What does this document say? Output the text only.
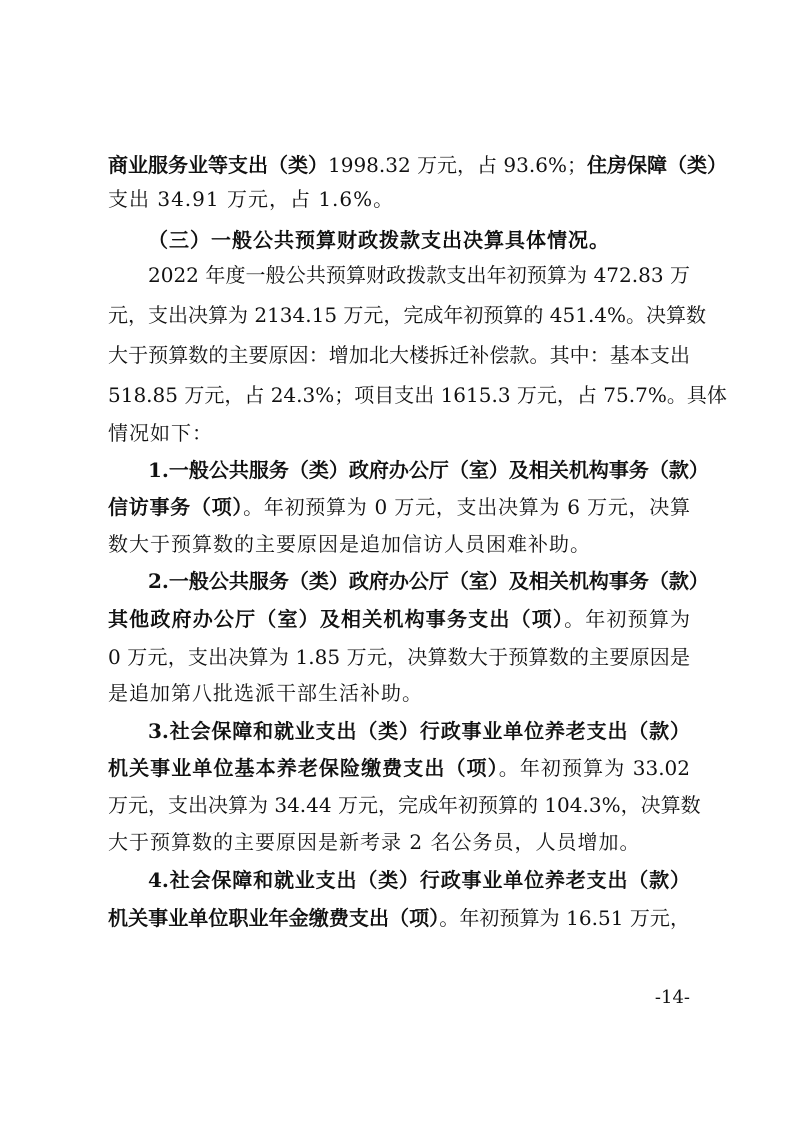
商业服务业等支出（类）1998.32 万元，占 93.6%；住房保障（类）
支出 34.91 万元，占 1.6%。
（三）一般公共预算财政拨款支出决算具体情况。
2022 年度一般公共预算财政拨款支出年初预算为 472.83 万
元，支出决算为 2134.15 万元，完成年初预算的 451.4%。决算数
大于预算数的主要原因：增加北大楼拆迁补偿款。其中：基本支出
518.85 万元，占 24.3%；项目支出 1615.3 万元，占 75.7%。具体
情况如下：
1.一般公共服务（类）政府办公厅（室）及相关机构事务（款）
信访事务（项）。年初预算为 0 万元，支出决算为 6 万元，决算
数大于预算数的主要原因是追加信访人员困难补助。
2.一般公共服务（类）政府办公厅（室）及相关机构事务（款）
其他政府办公厅（室）及相关机构事务支出（项）。年初预算为
0 万元，支出决算为 1.85 万元，决算数大于预算数的主要原因是
是追加第八批选派干部生活补助。
3.社会保障和就业支出（类）行政事业单位养老支出（款）
机关事业单位基本养老保险缴费支出（项）。年初预算为 33.02
万元，支出决算为 34.44 万元，完成年初预算的 104.3%，决算数
大于预算数的主要原因是新考录 2 名公务员，人员增加。
4.社会保障和就业支出（类）行政事业单位养老支出（款）
机关事业单位职业年金缴费支出（项）。年初预算为 16.51 万元，
-14-
